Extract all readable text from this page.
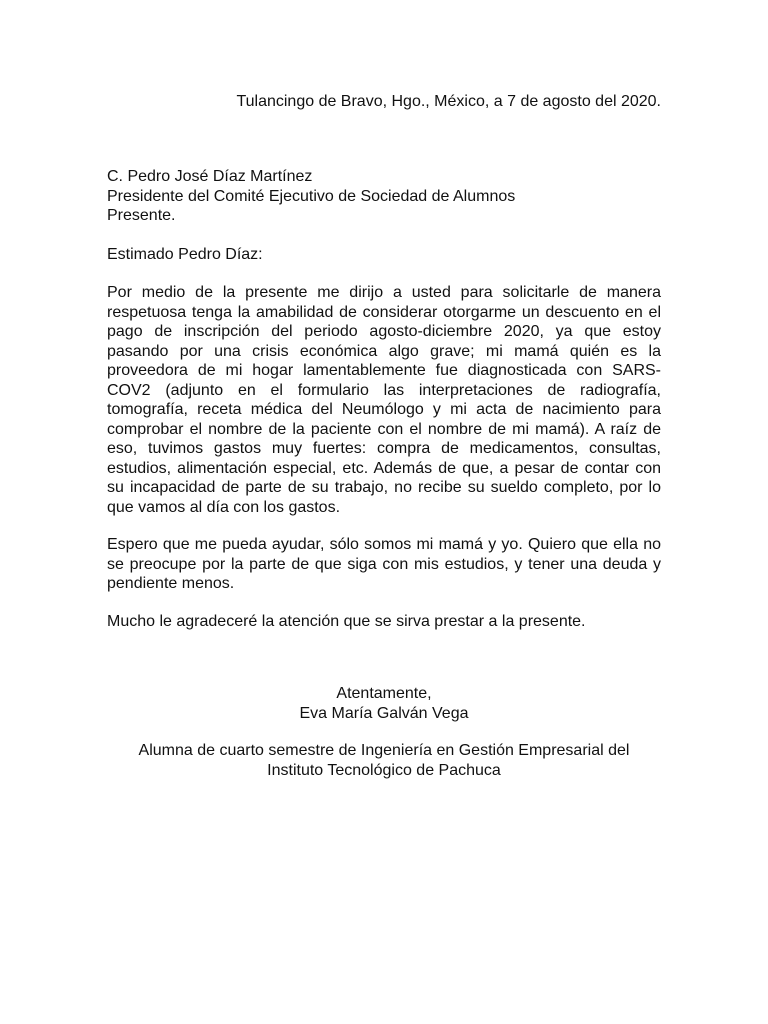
Tulancingo de Bravo, Hgo., México, a 7 de agosto del 2020.
C. Pedro José Díaz Martínez
Presidente del Comité Ejecutivo de Sociedad de Alumnos
Presente.
Estimado Pedro Díaz:

Por medio de la presente me dirijo a usted para solicitarle de manera respetuosa tenga la amabilidad de considerar otorgarme un descuento en el pago de inscripción del periodo agosto-diciembre 2020, ya que estoy pasando por una crisis económica algo grave; mi mamá quién es la proveedora de mi hogar lamentablemente fue diagnosticada con SARS-COV2 (adjunto en el formulario las interpretaciones de radiografía, tomografía, receta médica del Neumólogo y mi acta de nacimiento para comprobar el nombre de la paciente con el nombre de mi mamá). A raíz de eso, tuvimos gastos muy fuertes: compra de medicamentos, consultas, estudios, alimentación especial, etc. Además de que, a pesar de contar con su incapacidad de parte de su trabajo, no recibe su sueldo completo, por lo que vamos al día con los gastos.

Espero que me pueda ayudar, sólo somos mi mamá y yo. Quiero que ella no se preocupe por la parte de que siga con mis estudios, y tener una deuda y pendiente menos.

Mucho le agradeceré la atención que se sirva prestar a la presente.

Atentamente,
Eva María Galván Vega
Alumna de cuarto semestre de Ingeniería en Gestión Empresarial del
Instituto Tecnológico de Pachuca
